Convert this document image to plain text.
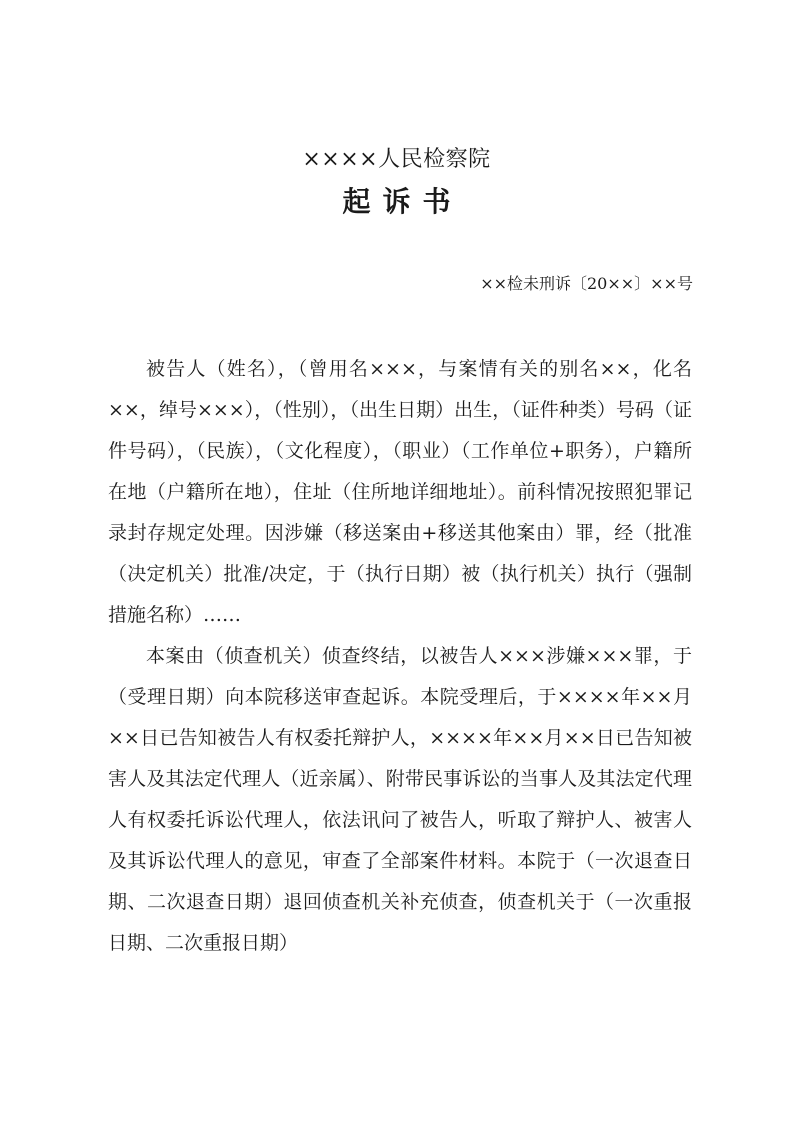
××××人民检察院
起诉书
××检未刑诉〔20××〕××号

被告人（姓名），（曾用名×××，与案情有关的别名××，化名××，绰号×××），（性别），（出生日期）出生，（证件种类）号码（证件号码），（民族），（文化程度），（职业）（工作单位+职务），户籍所在地（户籍所在地），住址（住所地详细地址）。前科情况按照犯罪记录封存规定处理。因涉嫌（移送案由+移送其他案由）罪，经（批准（决定机关）批准/决定，于（执行日期）被（执行机关）执行（强制措施名称）……

本案由（侦查机关）侦查终结，以被告人×××涉嫌×××罪，于（受理日期）向本院移送审查起诉。本院受理后，于××××年××月××日已告知被告人有权委托辩护人，××××年××月××日已告知被害人及其法定代理人（近亲属）、附带民事诉讼的当事人及其法定代理人有权委托诉讼代理人，依法讯问了被告人，听取了辩护人、被害人及其诉讼代理人的意见，审查了全部案件材料。本院于（一次退查日期、二次退查日期）退回侦查机关补充侦查，侦查机关于（一次重报日期、二次重报日期）
